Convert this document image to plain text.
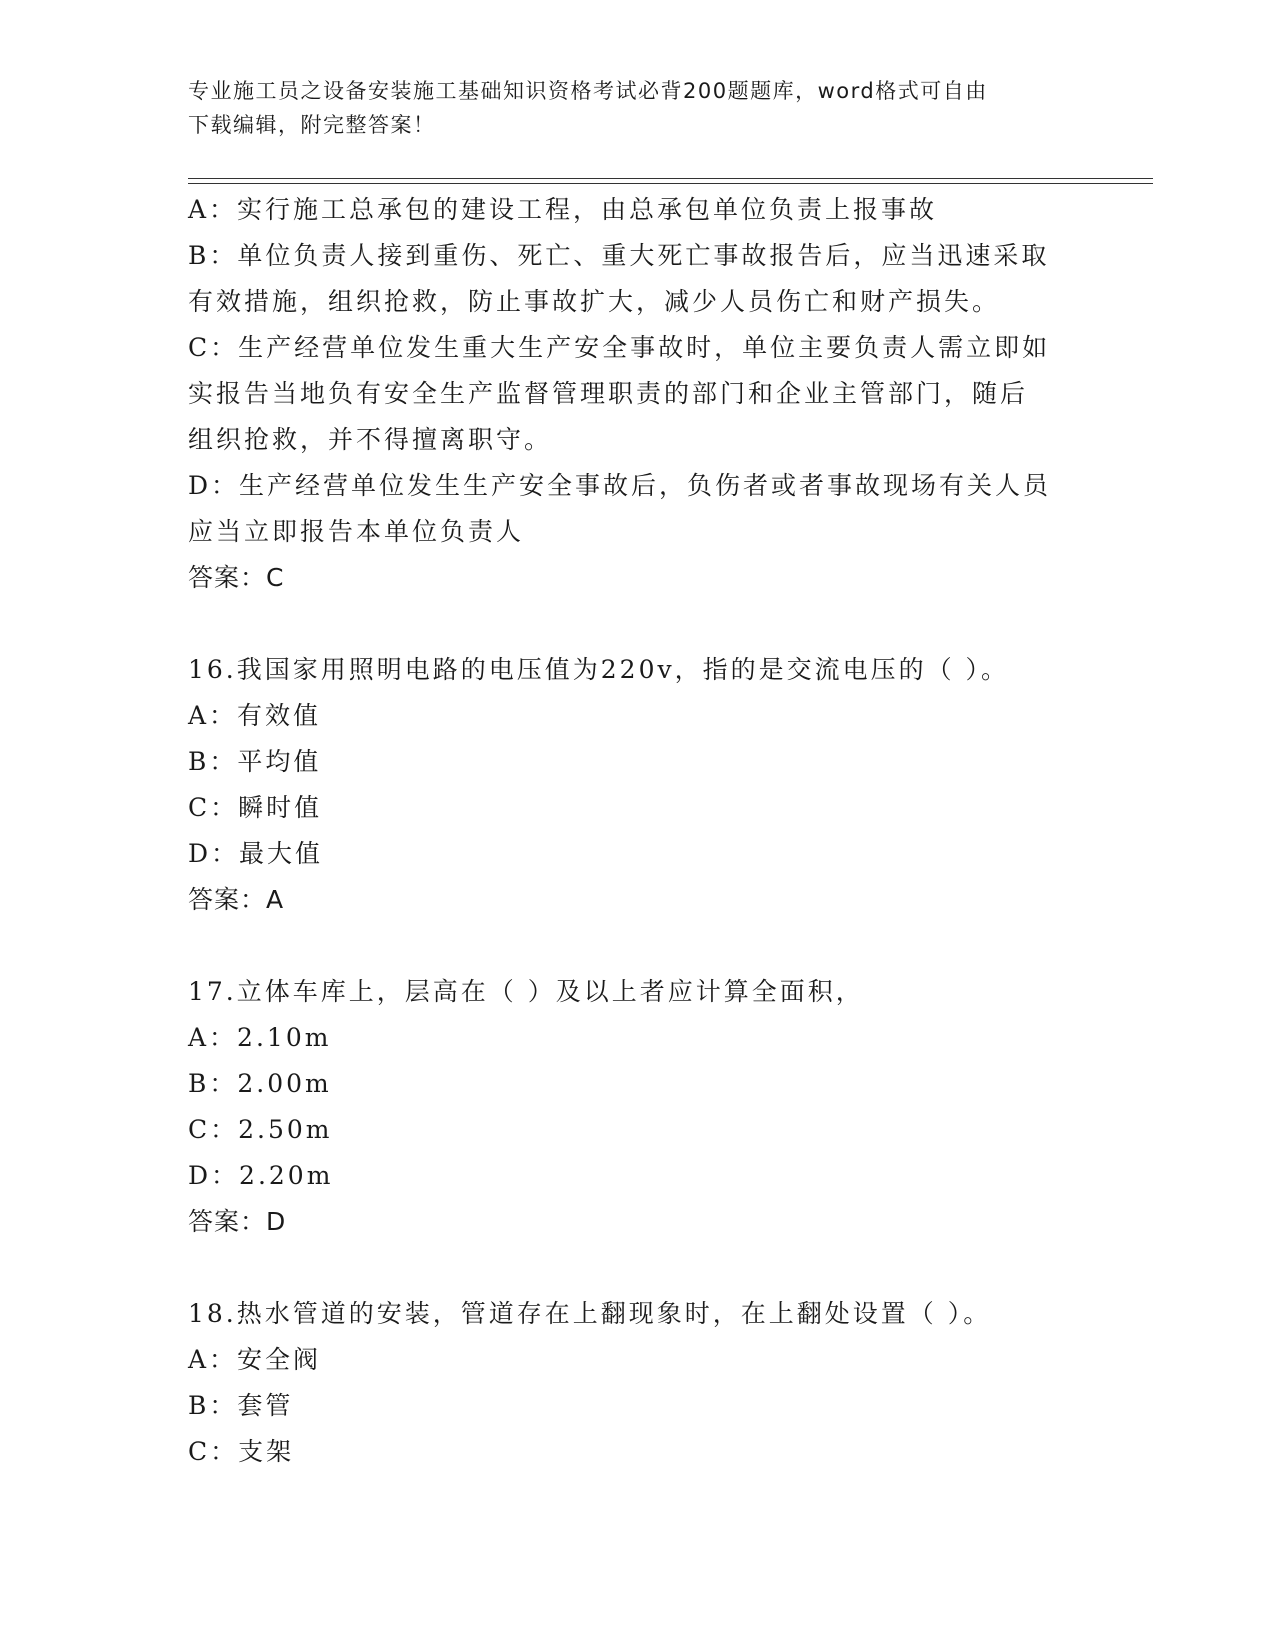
专业施工员之设备安装施工基础知识资格考试必背200题题库，word格式可自由
下载编辑，附完整答案！
A：实行施工总承包的建设工程，由总承包单位负责上报事故
B：单位负责人接到重伤、死亡、重大死亡事故报告后，应当迅速采取
有效措施，组织抢救，防止事故扩大，减少人员伤亡和财产损失。
C：生产经营单位发生重大生产安全事故时，单位主要负责人需立即如
实报告当地负有安全生产监督管理职责的部门和企业主管部门，随后
组织抢救，并不得擅离职守。
D：生产经营单位发生生产安全事故后，负伤者或者事故现场有关人员
应当立即报告本单位负责人
答案：C
16.我国家用照明电路的电压值为220v，指的是交流电压的（ ）。
A：有效值
B：平均值
C：瞬时值
D：最大值
答案：A
17.立体车库上，层高在（ ）及以上者应计算全面积，
A：2.10m
B：2.00m
C：2.50m
D：2.20m
答案：D
18.热水管道的安装，管道存在上翻现象时，在上翻处设置（ ）。
A：安全阀
B：套管
C：支架
